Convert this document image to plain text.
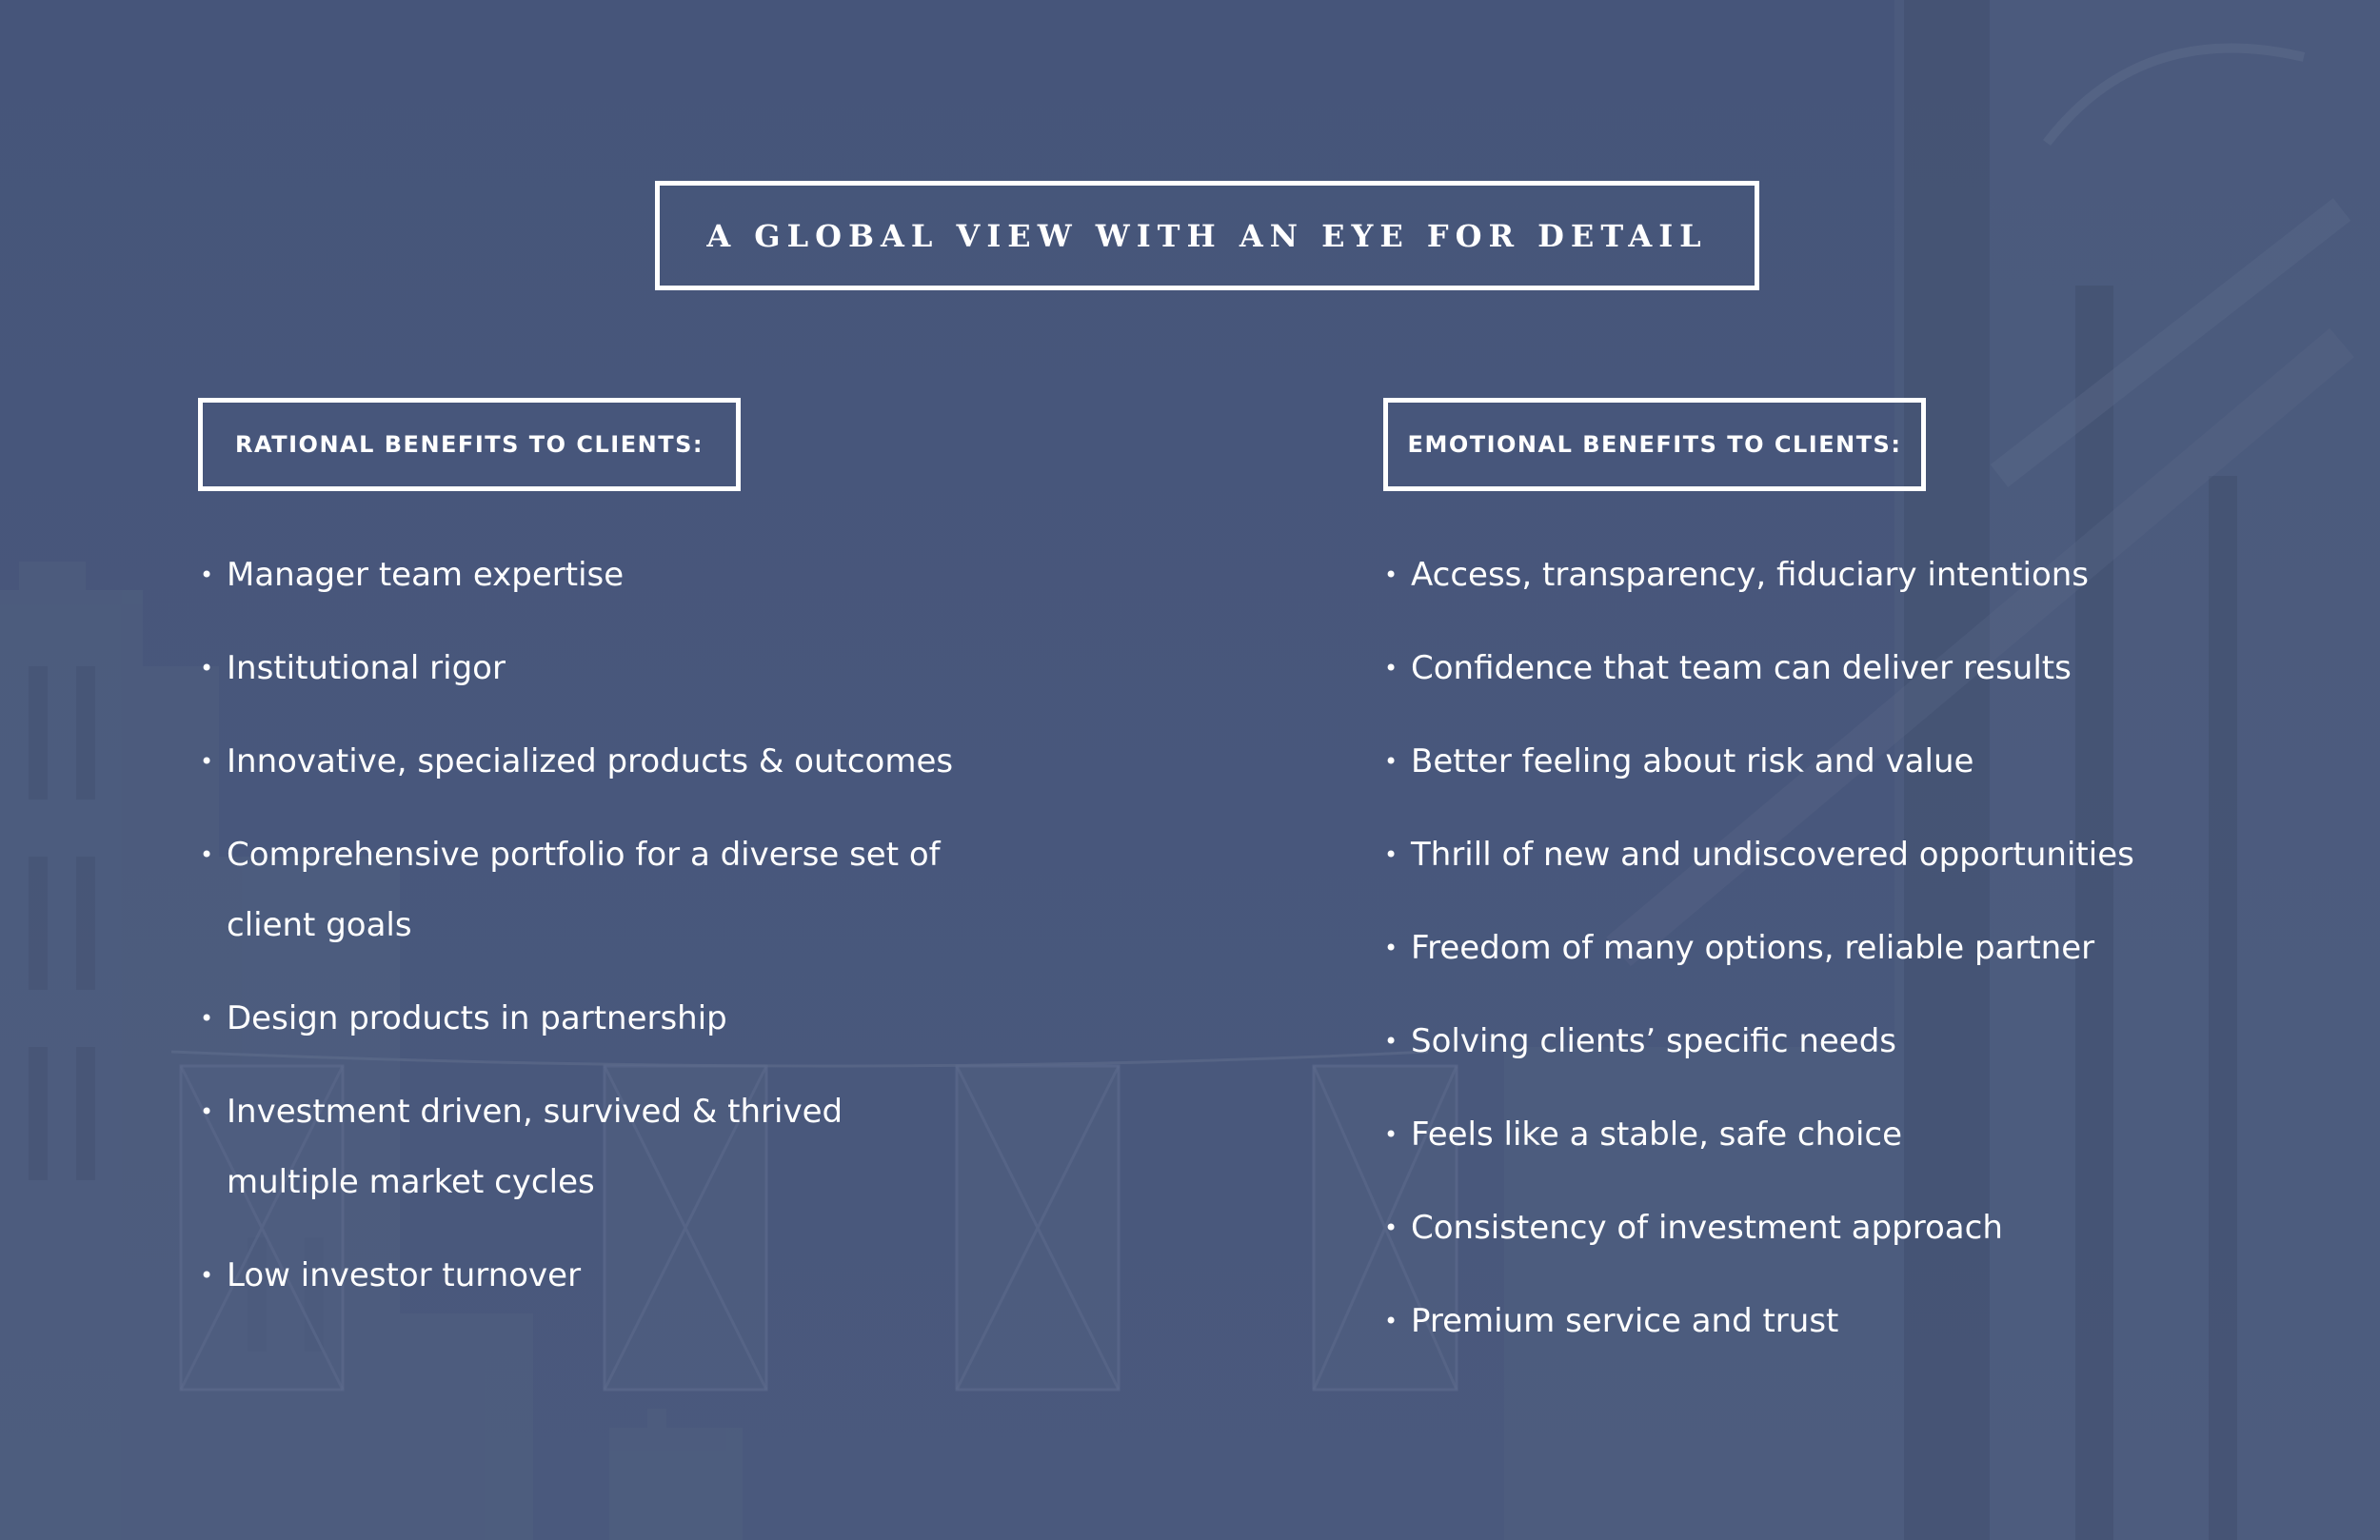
A GLOBAL VIEW WITH AN EYE FOR DETAIL
RATIONAL BENEFITS TO CLIENTS:	EMOTIONAL BENEFITS TO CLIENTS:
• Manager team expertise
• Institutional rigor
• Innovative, specialized products & outcomes
• Comprehensive portfolio for a diverse set of client goals
• Design products in partnership
• Investment driven, survived & thrived multiple market cycles
• Low investor turnover
• Access, transparency, fiduciary intentions
• Confidence that team can deliver results
• Better feeling about risk and value
• Thrill of new and undiscovered opportunities
• Freedom of many options, reliable partner
• Solving clients’ specific needs
• Feels like a stable, safe choice
• Consistency of investment approach
• Premium service and trust
